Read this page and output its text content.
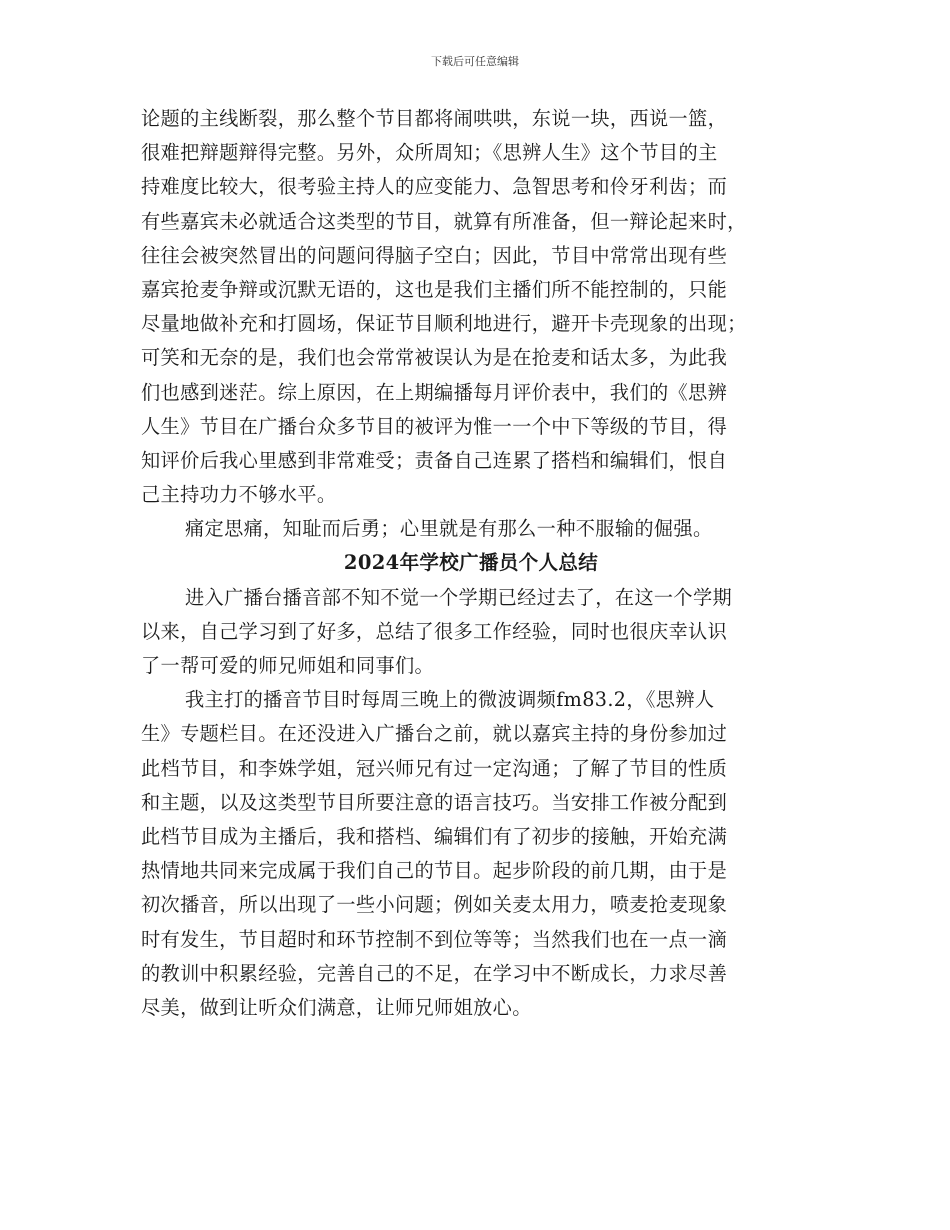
下载后可任意编辑
论题的主线断裂，那么整个节目都将闹哄哄，东说一块，西说一篮，
很难把辩题辩得完整。另外，众所周知；《思辨人生》这个节目的主
持难度比较大，很考验主持人的应变能力、急智思考和伶牙利齿；而
有些嘉宾未必就适合这类型的节目，就算有所准备，但一辩论起来时，
往往会被突然冒出的问题问得脑子空白；因此，节目中常常出现有些
嘉宾抢麦争辩或沉默无语的，这也是我们主播们所不能控制的，只能
尽量地做补充和打圆场，保证节目顺利地进行，避开卡壳现象的出现；
可笑和无奈的是，我们也会常常被误认为是在抢麦和话太多，为此我
们也感到迷茫。综上原因，在上期编播每月评价表中，我们的《思辨
人生》节目在广播台众多节目的被评为惟一一个中下等级的节目，得
知评价后我心里感到非常难受；责备自己连累了搭档和编辑们，恨自
己主持功力不够水平。
痛定思痛，知耻而后勇；心里就是有那么一种不服输的倔强。
2024年学校广播员个人总结
进入广播台播音部不知不觉一个学期已经过去了，在这一个学期
以来，自己学习到了好多，总结了很多工作经验，同时也很庆幸认识
了一帮可爱的师兄师姐和同事们。
我主打的播音节目时每周三晚上的微波调频fm83.2，《思辨人
生》专题栏目。在还没进入广播台之前，就以嘉宾主持的身份参加过
此档节目，和李姝学姐，冠兴师兄有过一定沟通；了解了节目的性质
和主题，以及这类型节目所要注意的语言技巧。当安排工作被分配到
此档节目成为主播后，我和搭档、编辑们有了初步的接触，开始充满
热情地共同来完成属于我们自己的节目。起步阶段的前几期，由于是
初次播音，所以出现了一些小问题；例如关麦太用力，喷麦抢麦现象
时有发生，节目超时和环节控制不到位等等；当然我们也在一点一滴
的教训中积累经验，完善自己的不足，在学习中不断成长，力求尽善
尽美，做到让听众们满意，让师兄师姐放心。
